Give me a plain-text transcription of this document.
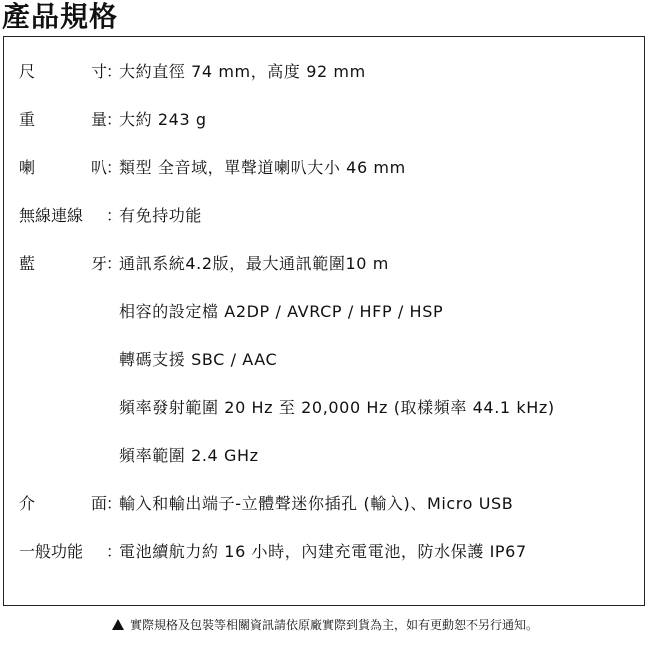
產品規格
尺	寸 ：
大約直徑 74 mm，高度 92 mm
重	量 ：
大約 243 g
喇	叭 ：
類型 全音域，單聲道喇叭大小 46 mm
無線連線	：
有免持功能
藍	牙 ：
通訊系統4.2版，最大通訊範圍10 m
相容的設定檔 A2DP / AVRCP / HFP / HSP
轉碼支援 SBC / AAC
頻率發射範圍 20 Hz 至 20,000 Hz (取樣頻率 44.1 kHz)
頻率範圍 2.4 GHz
介	面 ：
輸入和輸出端子-立體聲迷你插孔 (輸入)、Micro USB
一般功能	：
電池續航力約 16 小時，內建充電電池，防水保護 IP67
實際規格及包裝等相關資訊請依原廠實際到貨為主，如有更動恕不另行通知。
